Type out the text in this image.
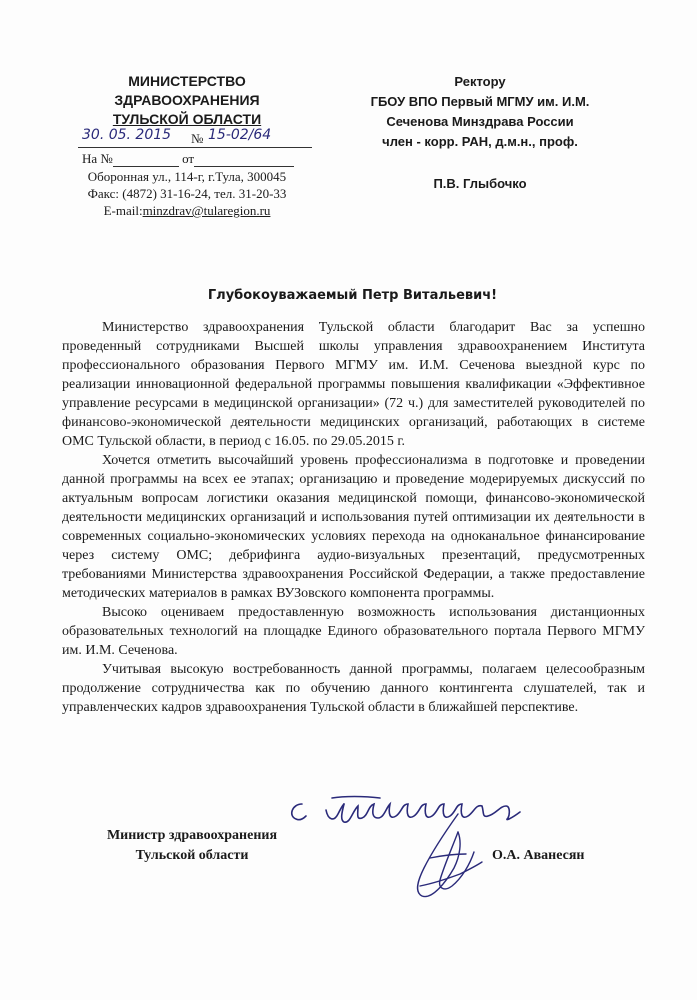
МИНИСТЕРСТВО
ЗДРАВООХРАНЕНИЯ
ТУЛЬСКОЙ ОБЛАСТИ
30. 05. 2015 № 15-02/64
На №	от
Оборонная ул., 114-г, г.Тула, 300045
Факс: (4872) 31-16-24, тел. 31-20-33
E-mail:minzdrav@tularegion.ru
Ректору
ГБОУ ВПО Первый МГМУ им. И.М.
Сеченова Минздрава России
член - корр. РАН, д.м.н., проф.
П.В. Глыбочко
Глубокоуважаемый Петр Витальевич!

Министерство здравоохранения Тульской области благодарит Вас за успешно проведенный сотрудниками Высшей школы управления здравоохранением Института профессионального образования Первого МГМУ им. И.М. Сеченова выездной курс по реализации инновационной федеральной программы повышения квалификации «Эффективное управление ресурсами в медицинской организации» (72 ч.) для заместителей руководителей по финансово-экономической деятельности медицинских организаций, работающих в системе ОМС Тульской области, в период с 16.05. по 29.05.2015 г.

Хочется отметить высочайший уровень профессионализма в подготовке и проведении данной программы на всех ее этапах; организацию и проведение модерируемых дискуссий по актуальным вопросам логистики оказания медицинской помощи, финансово-экономической деятельности медицинских организаций и использования путей оптимизации их деятельности в современных социально-экономических условиях перехода на одноканальное финансирование через систему ОМС; дебрифинга аудио-визуальных презентаций, предусмотренных требованиями Министерства здравоохранения Российской Федерации, а также предоставление методических материалов в рамках ВУЗовского компонента программы.

Высоко оцениваем предоставленную возможность использования дистанционных образовательных технологий на площадке Единого образовательного портала Первого МГМУ им. И.М. Сеченова.

Учитывая высокую востребованность данной программы, полагаем целесообразным продолжение сотрудничества как по обучению данного контингента слушателей, так и управленческих кадров здравоохранения Тульской области в ближайшей перспективе.

Министр здравоохранения
Тульской области	О.А. Аванесян
